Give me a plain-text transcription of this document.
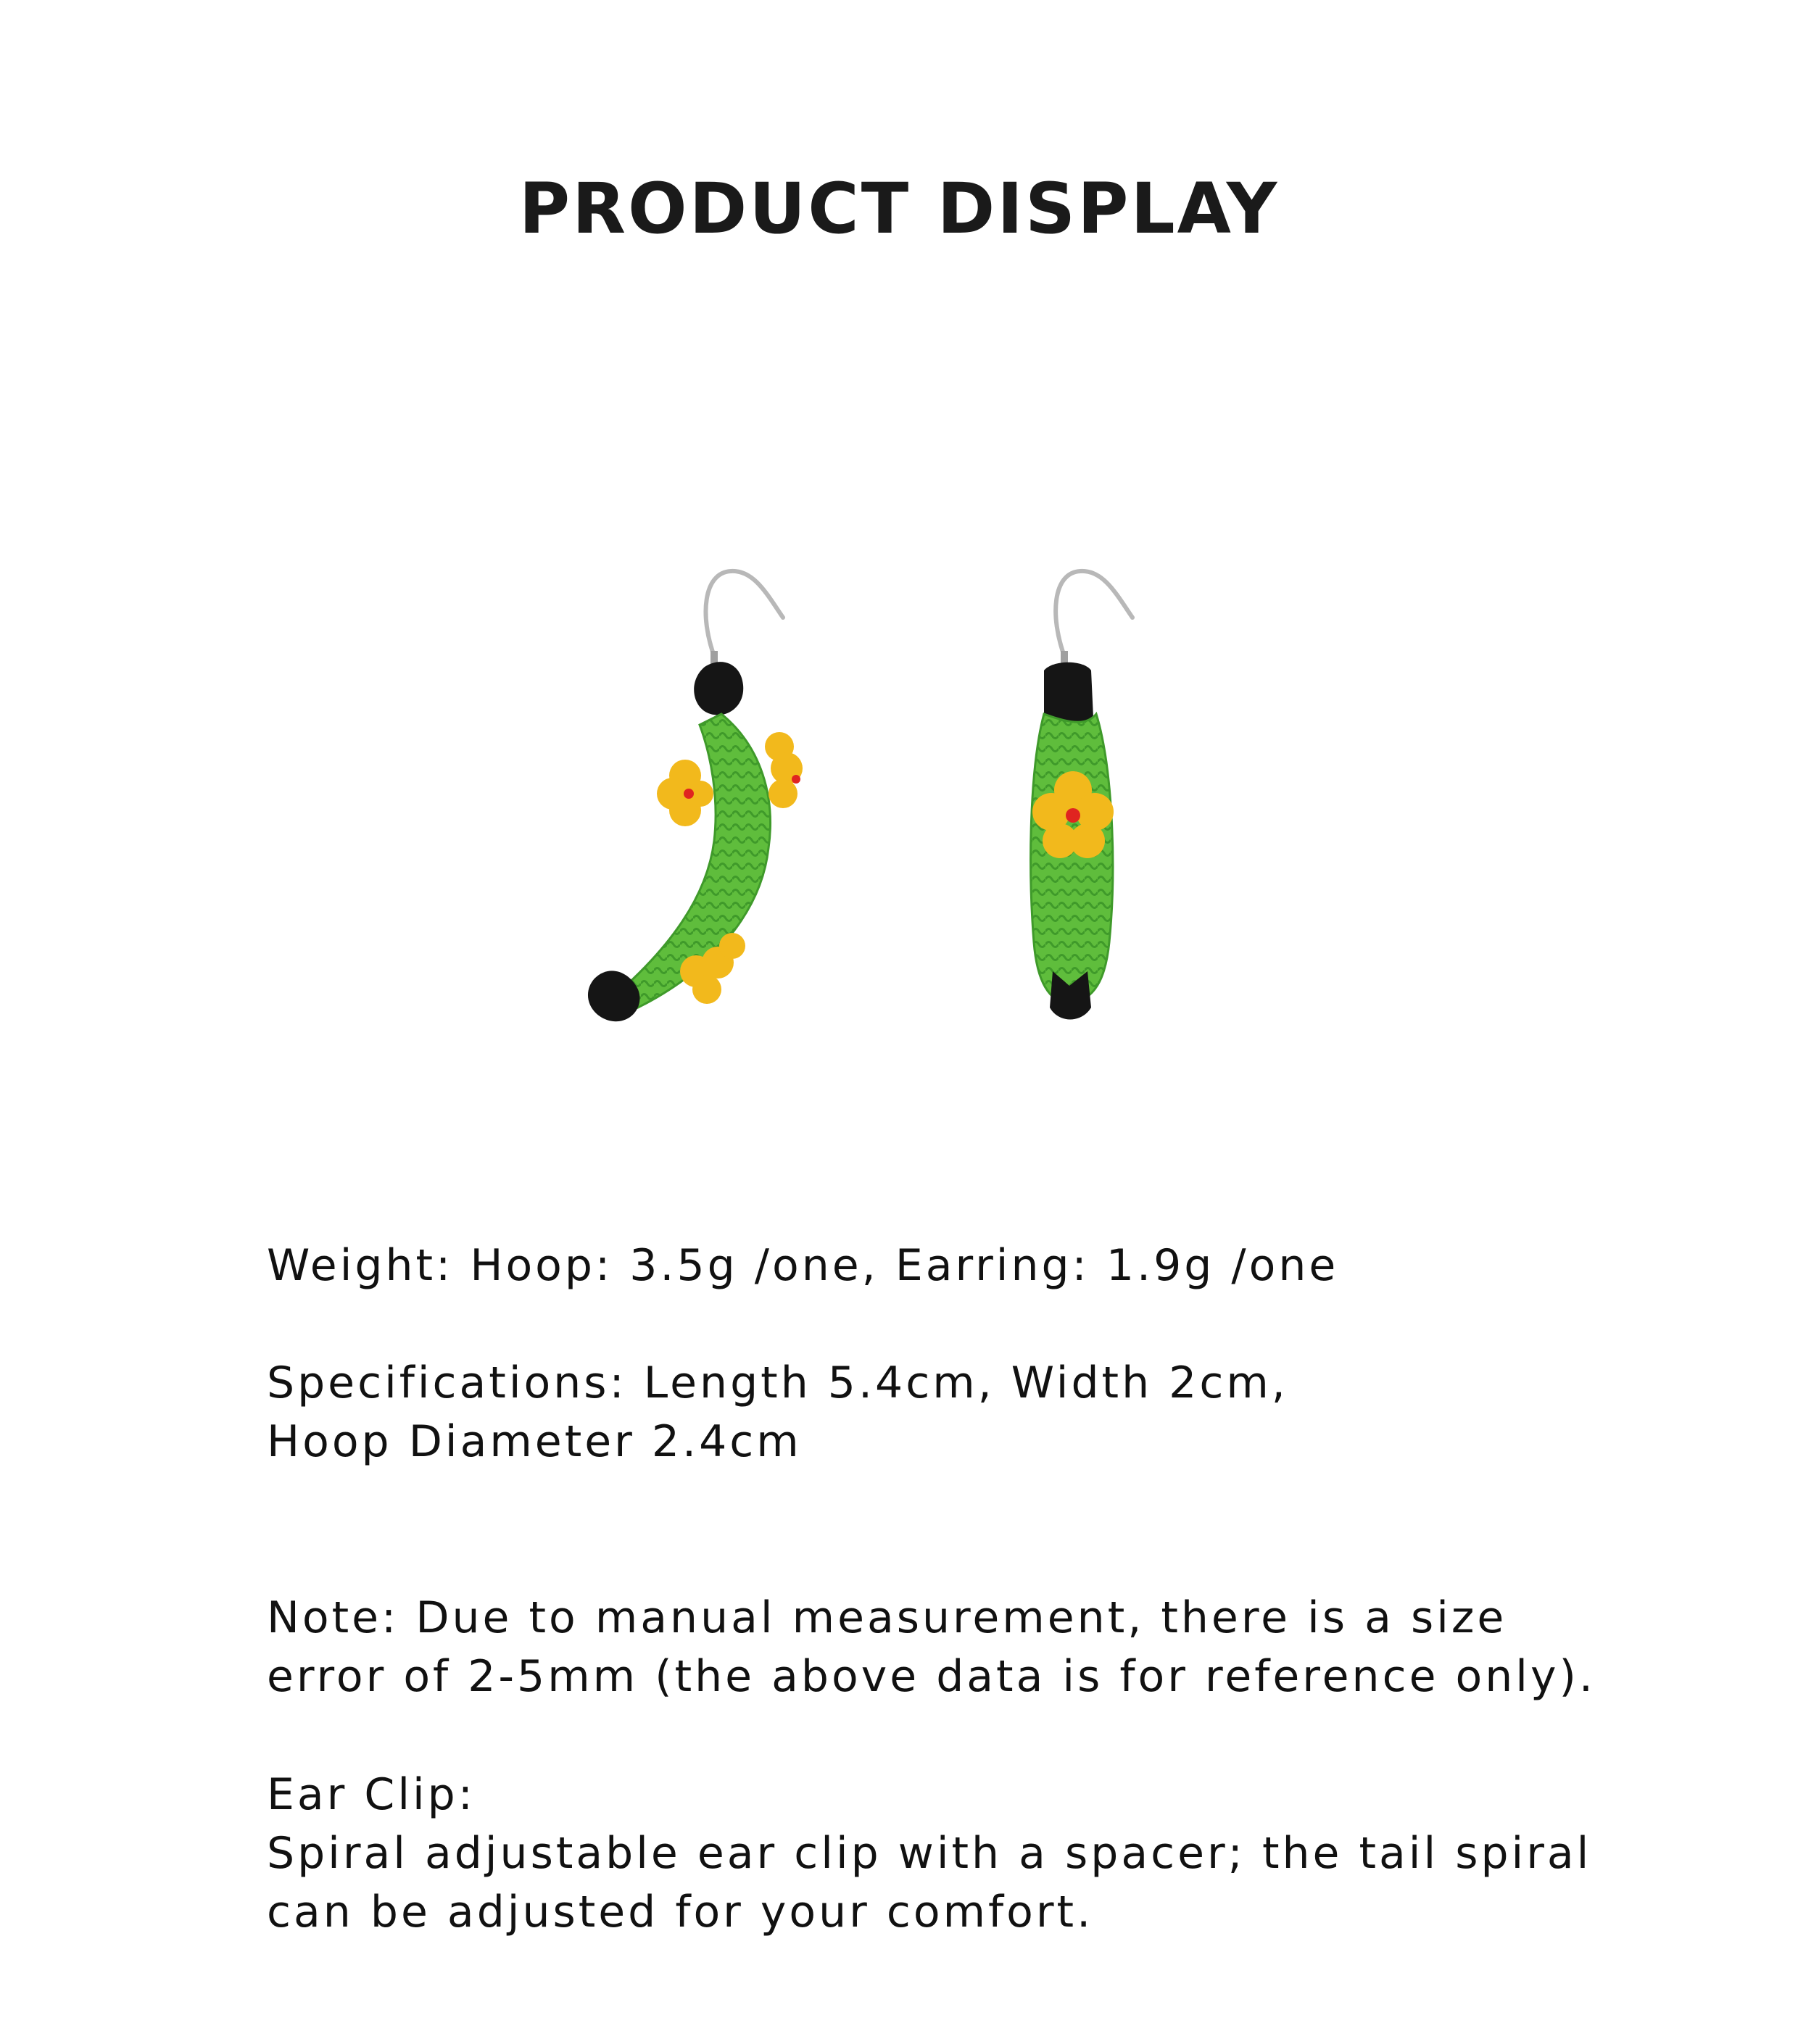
PRODUCT DISPLAY
Weight: Hoop: 3.5g /one, Earring: 1.9g /one
Specifications: Length 5.4cm, Width 2cm,
Hoop Diameter 2.4cm
Note: Due to manual measurement, there is a size
error of 2-5mm (the above data is for reference only).
Ear Clip:
Spiral adjustable ear clip with a spacer; the tail spiral
can be adjusted for your comfort.
